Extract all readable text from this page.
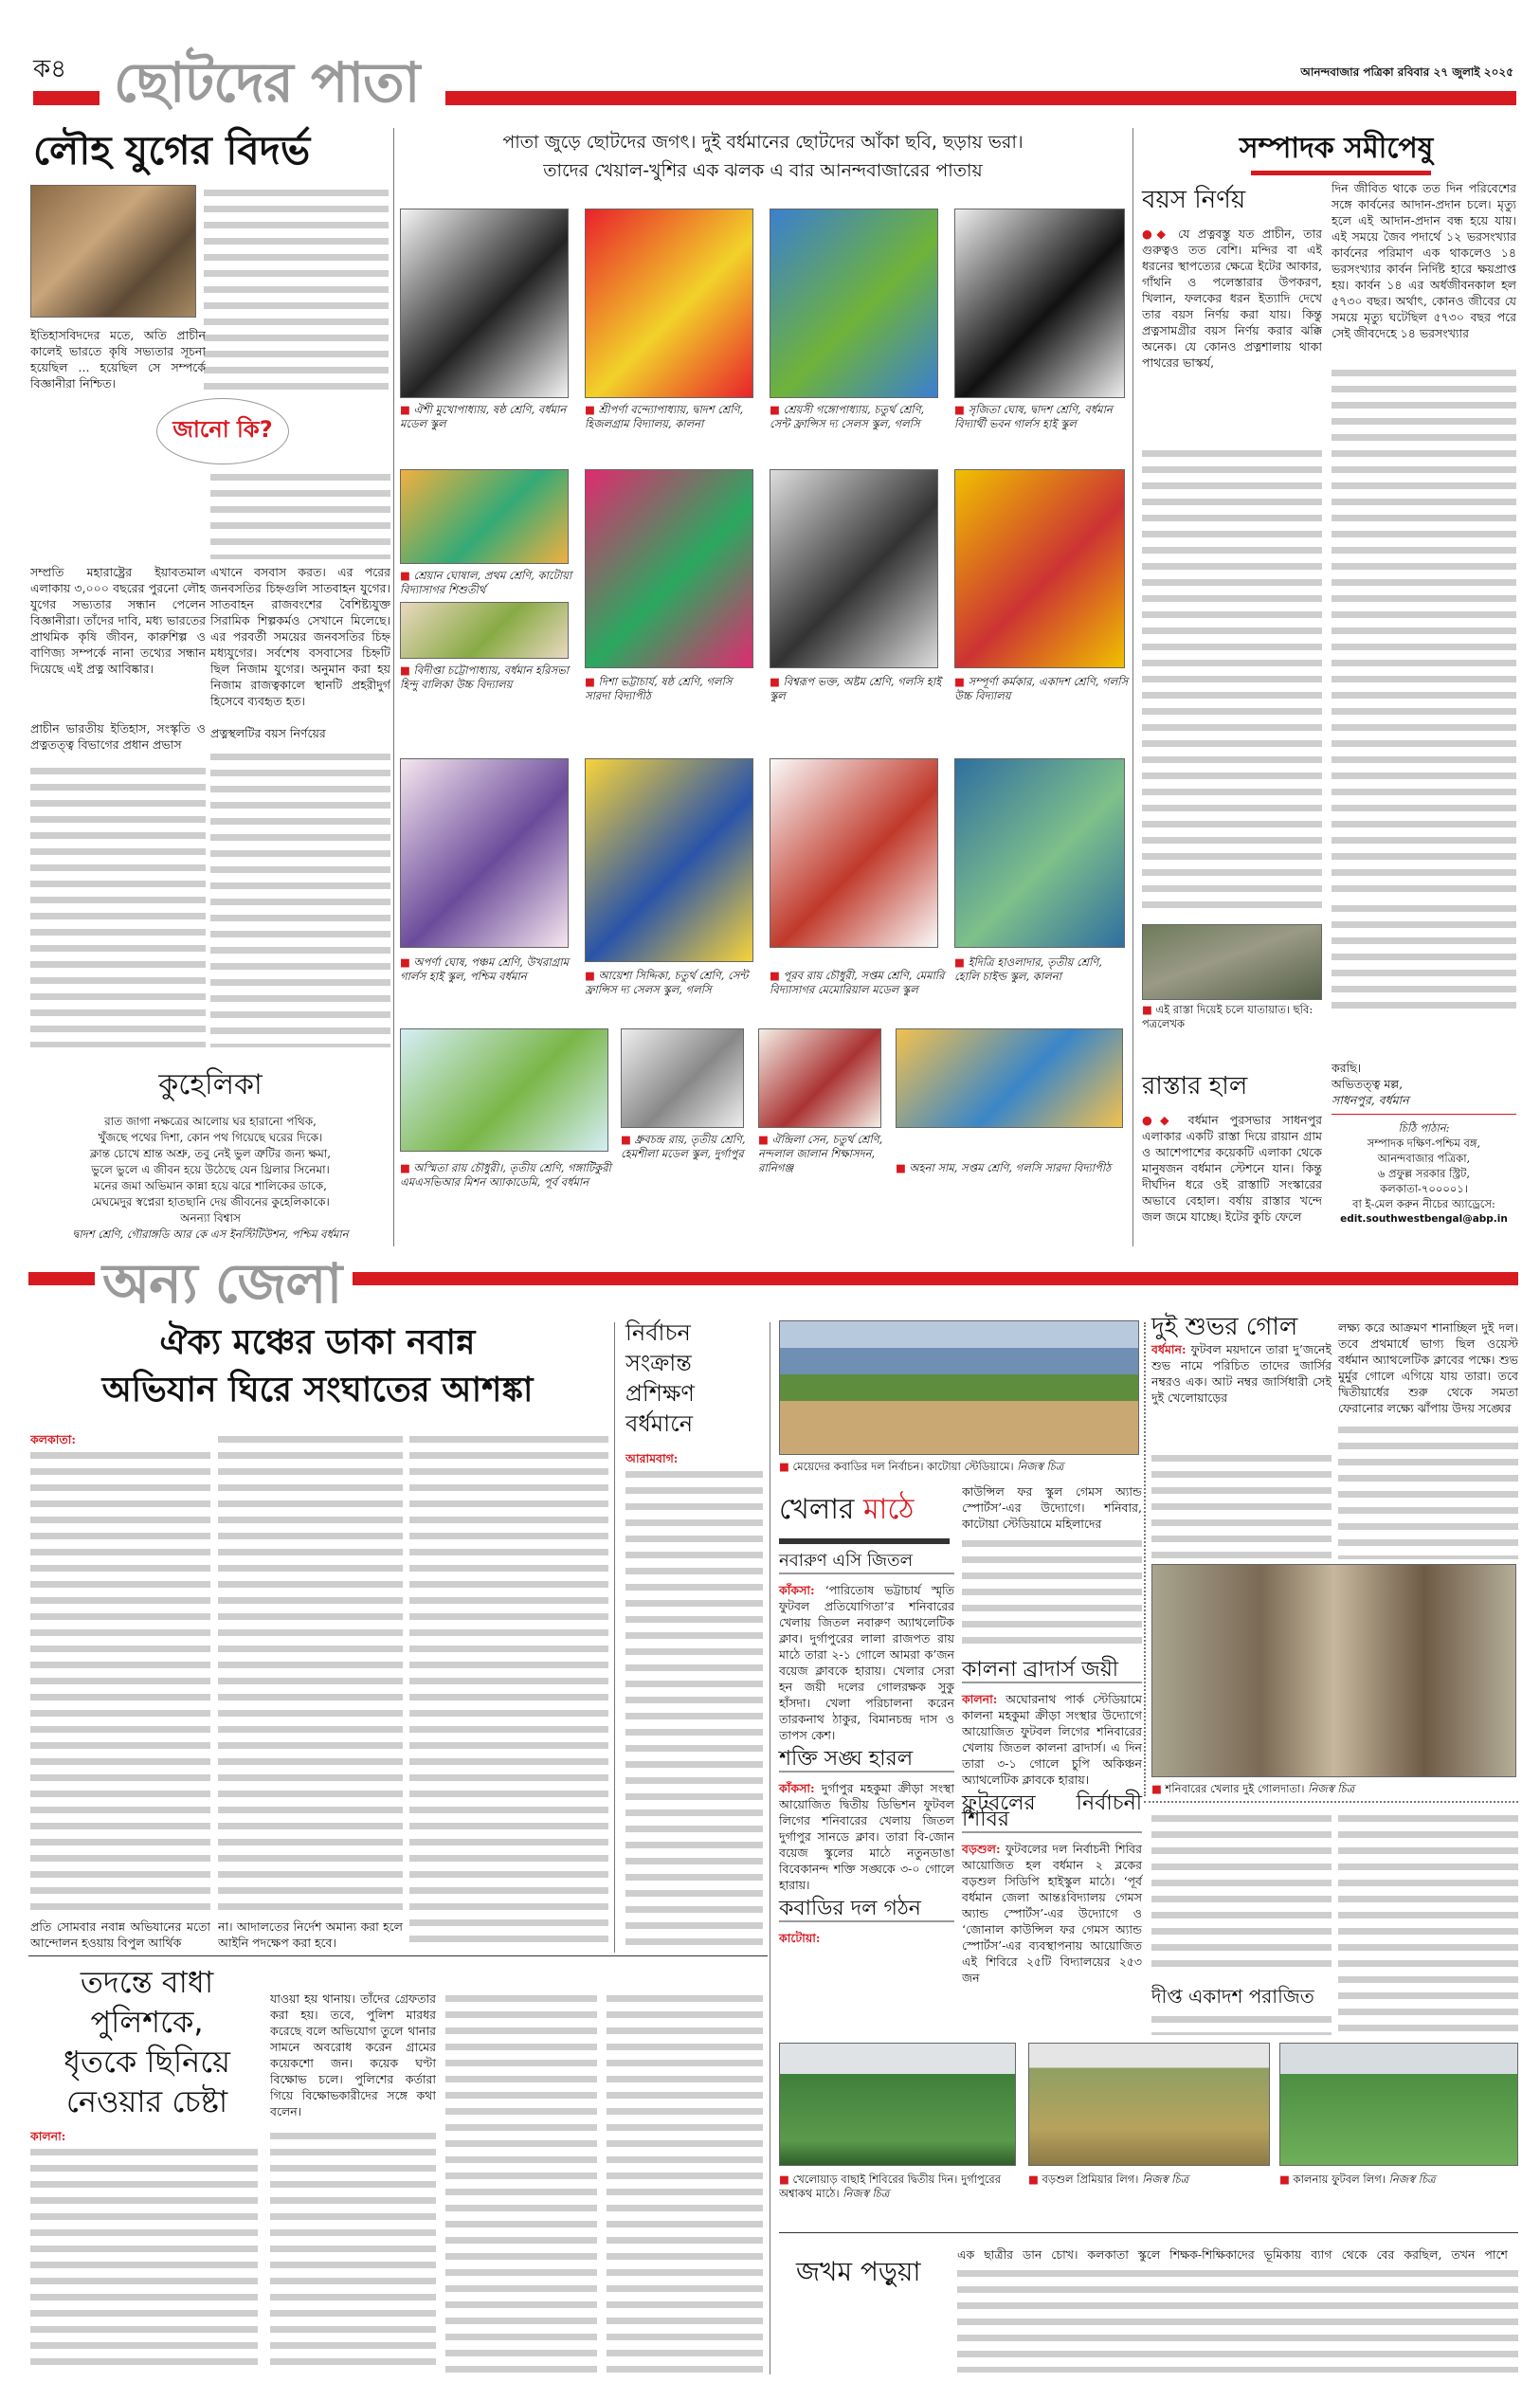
ক৪ ছোটদের পাতা	আনন্দবাজার পত্রিকা রবিবার ২৭ জুলাই ২০২৫
লৌহ যুগের বিদর্ভ
জানো কি?
ইতিহাসবিদদের মতে, অতি প্রাচীন কালেই ভারতে কৃষি সভ্যতার সূচনা হয়েছিল ... হয়েছিল সে সম্পর্কে বিজ্ঞানীরা নিশ্চিত।
সম্প্রতি মহারাষ্ট্রের ইয়াবতমাল এলাকায় ৩,০০০ বছরের পুরনো লৌহ যুগের সভ্যতার সন্ধান পেলেন বিজ্ঞানীরা। তাঁদের দাবি, মধ্য ভারতের প্রাথমিক কৃষি জীবন, কারুশিল্প ও বাণিজ্য সম্পর্কে নানা তথ্যের সন্ধান দিয়েছে এই প্রত্ন আবিষ্কার।
প্রাচীন ভারতীয় ইতিহাস, সংস্কৃতি ও প্রত্নতত্ত্ব বিভাগের প্রধান প্রভাস
এখানে বসবাস করত। এর পরের জনবসতির চিহ্নগুলি সাতবাহন যুগের। সাতবাহন রাজবংশের বৈশিষ্ট্যযুক্ত সিরামিক শিল্পকর্মও সেখানে মিলেছে। এর পরবর্তী সময়ের জনবসতির চিহ্ন মধ্যযুগের। সর্বশেষ বসবাসের চিহ্নটি ছিল নিজাম যুগের। অনুমান করা হয় নিজাম রাজত্বকালে স্থানটি প্রহরীদুর্গ হিসেবে ব্যবহৃত হত।
প্রত্নস্থলটির বয়স নির্ণয়ের
কুহেলিকা
রাত জাগা নক্ষত্রের আলোয় ঘর হারানো পথিক,
খুঁজছে পথের দিশা, কোন পথ গিয়েছে ঘরের দিকে।
ক্লান্ত চোখে শ্রান্ত অশ্রু, তবু নেই ভুল ত্রুটির জন্য ক্ষমা,
ভুলে ভুলে এ জীবন হয়ে উঠেছে যেন থ্রিলার সিনেমা।
মনের জমা অভিমান কান্না হয়ে ঝরে শালিকের ডাকে,
মেঘমেদুর স্বপ্নেরা হাতছানি দেয় জীবনের কুহেলিকাকে।
অনন্যা বিশ্বাস
দ্বাদশ শ্রেণি, গৌরাঙ্গডি আর কে এস ইনস্টিটিউশন, পশ্চিম বর্ধমান
পাতা জুড়ে ছোটদের জগৎ। দুই বর্ধমানের ছোটদের আঁকা ছবি, ছড়ায় ভরা।
তাদের খেয়াল-খুশির এক ঝলক এ বার আনন্দবাজারের পাতায়
■ ঐশী মুখোপাধ্যায়, ষষ্ঠ শ্রেণি, বর্ধমান মডেল স্কুল
■ শ্রীপর্ণা বন্দ্যোপাধ্যায়, দ্বাদশ শ্রেণি, হিজলগ্রাম বিদ্যালয়, কালনা
■ শ্রেয়সী গঙ্গোপাধ্যায়, চতুর্থ শ্রেণি, সেন্ট ফ্রান্সিস দ্য সেলস স্কুল, গলসি
■ সৃজিতা ঘোষ, দ্বাদশ শ্রেণি, বর্ধমান বিদ্যার্থী ভবন গার্লস হাই স্কুল
■ শ্রেয়ান ঘোষাল, প্রথম শ্রেণি, কাটোয়া বিদ্যাসাগর শিশুতীর্থ
■ দিশা ভট্টাচার্য, ষষ্ঠ শ্রেণি, গলসি সারদা বিদ্যাপীঠ
■ বিশ্বরূপ ভক্ত, অষ্টম শ্রেণি, গলসি হাই স্কুল
■ সম্পূর্ণা কর্মকার, একাদশ শ্রেণি, গলসি উচ্চ বিদ্যালয়
■ বিদীপ্তা চট্টোপাধ্যায়, বর্ধমান হরিসভা হিন্দু বালিকা উচ্চ বিদ্যালয়
■ অপর্ণা ঘোষ, পঞ্চম শ্রেণি, উখরাগ্রাম গার্লস হাই স্কুল, পশ্চিম বর্ধমান	■ আয়েশা সিদ্দিকা, চতুর্থ শ্রেণি, সেন্ট ফ্রান্সিস দ্য সেলস স্কুল, গলসি
■ পূরব রায় চৌধুরী, সপ্তম শ্রেণি, মেমারি বিদ্যাসাগর মেমোরিয়াল মডেল স্কুল
■ ইদিত্রি হাওলাদার, তৃতীয় শ্রেণি, হোলি চাইল্ড স্কুল, কালনা
■ অস্মিতা রায় চৌধুরী।, তৃতীয় শ্রেণি, গঙ্গাটিকুরী এমএসভিআর মিশন অ্যাকাডেমি, পূর্ব বর্ধমান
■ ধ্রুবচন্দ্র রায়, তৃতীয় শ্রেণি, হেমশীলা মডেল স্কুল, দুর্গাপুর
■ ঐন্দ্রিলা সেন, চতুর্থ শ্রেণি, নন্দলাল জালান শিক্ষাসদন, রানিগঞ্জ	■ অহনা সাম, সপ্তম শ্রেণি, গলসি সারদা বিদ্যাপীঠ
সম্পাদক সমীপেষু
বয়স নির্ণয়
●◆ যে প্রত্নবস্তু যত প্রাচীন, তার গুরুত্বও তত বেশি। মন্দির বা এই ধরনের স্থাপত্যের ক্ষেত্রে ইটের আকার, গাঁথনি ও পলেস্তারার উপকরণ, খিলান, ফলকের ধরন ইত্যাদি দেখে তার বয়স নির্ণয় করা যায়। কিন্তু প্রত্নসামগ্রীর বয়স নির্ণয় করার ঝক্কি অনেক। যে কোনও প্রত্নশালায় থাকা পাথরের ভাস্কর্য,
দিন জীবিত থাকে তত দিন পরিবেশের সঙ্গে কার্বনের আদান-প্রদান চলে। মৃত্যু হলে এই আদান-প্রদান বন্ধ হয়ে যায়। এই সময়ে জৈব পদার্থে ১২ ভরসংখ্যার কার্বনের পরিমাণ এক থাকলেও ১৪ ভরসংখ্যার কার্বন নির্দিষ্ট হারে ক্ষয়প্রাপ্ত হয়। কার্বন ১৪ এর অর্ধজীবনকাল হল ৫৭৩০ বছর। অর্থাৎ, কোনও জীবের যে সময়ে মৃত্যু ঘটেছিল ৫৭৩০ বছর পরে সেই জীবদেহে ১৪ ভরসংখ্যার
■ এই রাস্তা দিয়েই চলে যাতায়াত। ছবি: পত্রলেখক
রাস্তার হাল
●◆ বর্ধমান পুরসভার সাধনপুর এলাকার একটি রাস্তা দিয়ে রায়ান গ্রাম ও আশেপাশের কয়েকটি এলাকা থেকে মানুষজন বর্ধমান স্টেশনে যান। কিন্তু দীর্ঘদিন ধরে ওই রাস্তাটি সংস্কারের অভাবে বেহাল। বর্ষায় রাস্তার খন্দে জল জমে যাচ্ছে। ইটের কুচি ফেলে
করছি।
অভিতত্ত্ব মল্ল,
সাধনপুর, বর্ধমান
চিঠি পাঠান:
সম্পাদক দক্ষিণ-পশ্চিম বঙ্গ,
আনন্দবাজার পত্রিকা,
৬ প্রফুল্ল সরকার স্ট্রিট,
কলকাতা-৭০০০০১।
বা ই-মেল করুন নীচের অ্যাড্রেসে:
edit.southwestbengal@abp.in
অন্য জেলা
ঐক্য মঞ্চের ডাকা নবান্ন
অভিযান ঘিরে সংঘাতের আশঙ্কা
কলকাতা:
প্রতি সোমবার নবান্ন অভিযানের মতো আন্দোলন হওয়ায় বিপুল আর্থিক
না। আদালতের নির্দেশ অমান্য করা হলে আইনি পদক্ষেপ করা হবে।
নির্বাচন
সংক্রান্ত
প্রশিক্ষণ
বর্ধমানে
আরামবাগ:
তদন্তে বাধা
পুলিশকে,
ধৃতকে ছিনিয়ে
নেওয়ার চেষ্টা
কালনা:
যাওয়া হয় থানায়। তাঁদের গ্রেফতার করা হয়। তবে, পুলিশ মারধর করেছে বলে অভিযোগ তুলে থানার সামনে অবরোধ করেন গ্রামের কয়েকশো জন। কয়েক ঘণ্টা বিক্ষোভ চলে। পুলিশের কর্তারা গিয়ে বিক্ষোভকারীদের সঙ্গে কথা বলেন।
■ মেয়েদের কবাডির দল নির্বাচন। কাটোয়া স্টেডিয়ামে। নিজস্ব চিত্র
খেলার মাঠে
কাউন্সিল ফর স্কুল গেমস অ্যান্ড স্পোর্টস’-এর উদ্যোগে। শনিবার, কাটোয়া স্টেডিয়ামে মহিলাদের
নবারুণ এসি জিতল
কাঁকসা: ‘পারিতোষ ভট্টাচার্য স্মৃতি ফুটবল প্রতিযোগিতা’র শনিবারের খেলায় জিতল নবারুণ অ্যাথলেটিক ক্লাব। দুর্গাপুরের লালা রাজপত রায় মাঠে তারা ২-১ গোলে আমরা ক’জন বয়েজ ক্লাবকে হারায়। খেলার সেরা হন জয়ী দলের গোলরক্ষক সুকু হাঁসদা। খেলা পরিচালনা করেন তারকনাথ ঠাকুর, বিমানচন্দ্র দাস ও তাপস কেশ।
শক্তি সঙ্ঘ হারল
কাঁকসা: দুর্গাপুর মহকুমা ক্রীড়া সংস্থা আয়োজিত দ্বিতীয় ডিভিশন ফুটবল লিগের শনিবারের খেলায় জিতল দুর্গাপুর সানডে ক্লাব। তারা বি-জোন বয়েজ স্কুলের মাঠে নতুনডাঙা বিবেকানন্দ শক্তি সঙ্ঘকে ৩-০ গোলে হারায়।
কবাডির দল গঠন
কাটোয়া:
কালনা ব্রাদার্স জয়ী
কালনা: অঘোরনাথ পার্ক স্টেডিয়ামে কালনা মহকুমা ক্রীড়া সংস্থার উদ্যোগে আয়োজিত ফুটবল লিগের শনিবারের খেলায় জিতল কালনা ব্রাদার্স। এ দিন তারা ৩-১ গোলে চুপি অকিঞ্চন অ্যাথলেটিক ক্লাবকে হারায়।
ফুটবলের নির্বাচনী শিবির
বড়শুল: ফুটবলের দল নির্বাচনী শিবির আয়োজিত হল বর্ধমান ২ ব্লকের বড়শুল সিডিপি হাইস্কুল মাঠে। ‘পূর্ব বর্ধমান জেলা আন্তঃবিদ্যালয় গেমস অ্যান্ড স্পোর্টস’-এর উদ্যোগে ও ‘জোনাল কাউন্সিল ফর গেমস অ্যান্ড স্পোর্টস’-এর ব্যবস্থাপনায় আয়োজিত এই শিবিরে ২৫টি বিদ্যালয়ের ২৫৩ জন
দুই শুভর গোল
বর্ধমান: ফুটবল ময়দানে তারা দু’জনেই শুভ নামে পরিচিত তাদের জার্সির নম্বরও এক। আট নম্বর জার্সিধারী সেই দুই খেলোয়াড়ের
লক্ষ্য করে আক্রমণ শানাচ্ছিল দুই দল। তবে প্রথমার্ধে ভাগ্য ছিল ওয়েস্ট বর্ধমান অ্যাথলেটিক ক্লাবের পক্ষে। শুভ মুর্মুর গোলে এগিয়ে যায় তারা। তবে দ্বিতীয়ার্ধের শুরু থেকে সমতা ফেরানোর লক্ষ্যে ঝাঁপায় উদয় সঙ্ঘের
■ শনিবারের খেলার দুই গোলদাতা। নিজস্ব চিত্র
দীপ্ত একাদশ পরাজিত
■ খেলোয়াড় বাছাই শিবিরের দ্বিতীয় দিন। দুর্গাপুরের অশ্বাকথ মাঠে। নিজস্ব চিত্র
■ বড়শুল প্রিমিয়ার লিগ। নিজস্ব চিত্র	■ কালনায় ফুটবল লিগ। নিজস্ব চিত্র
জখম পড়ুয়া
এক ছাত্রীর ডান চোখ। কলকাতা স্কুলে শিক্ষক-শিক্ষিকাদের ভূমিকায় ব্যাগ থেকে বের করছিল, তখন পাশে
